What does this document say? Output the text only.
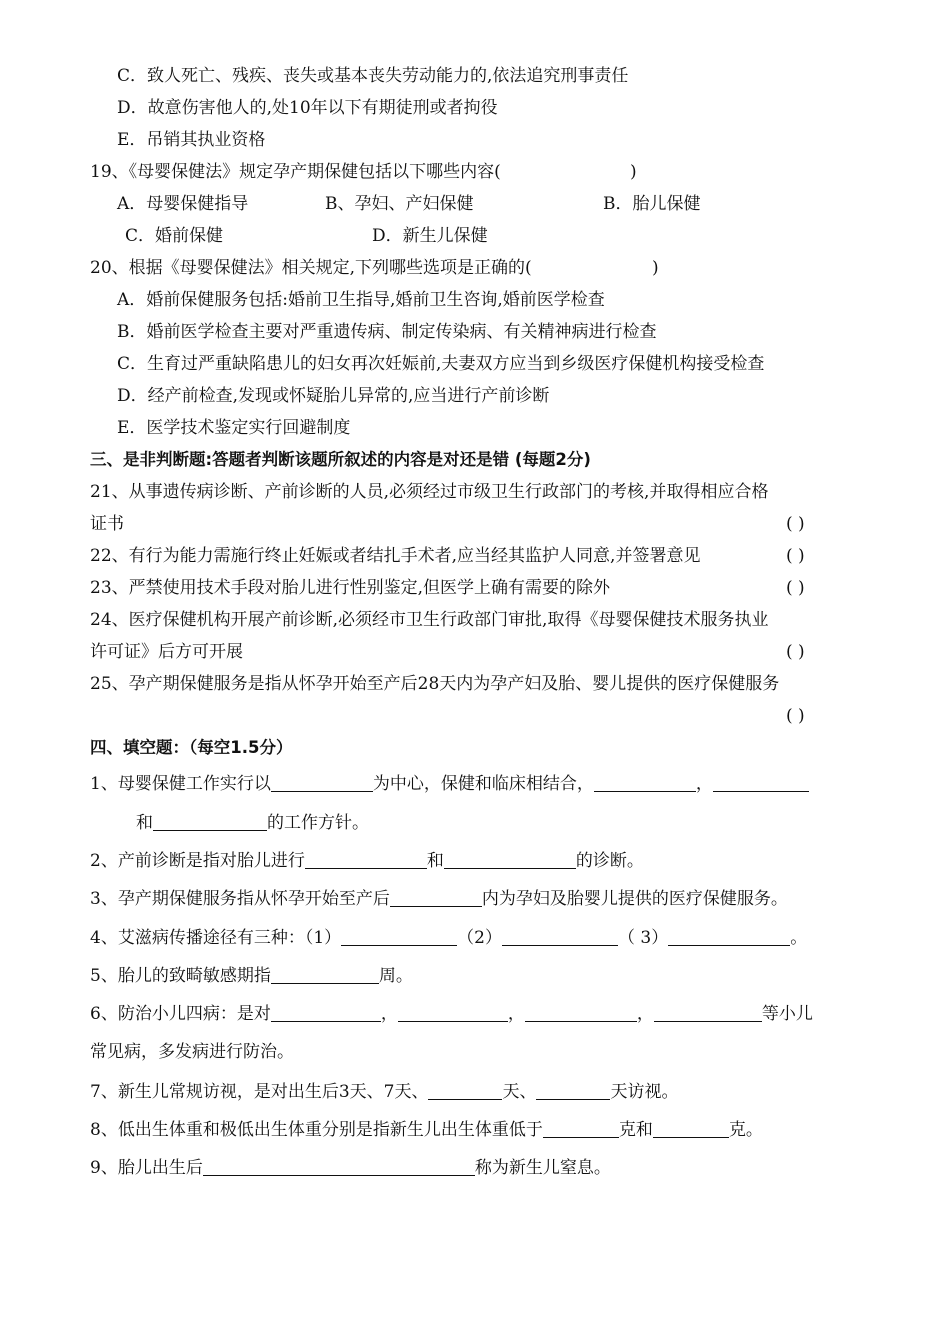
C．致人死亡、残疾、丧失或基本丧失劳动能力的,依法追究刑事责任
D．故意伤害他人的,处10年以下有期徒刑或者拘役
E．吊销其执业资格
19、《母婴保健法》规定孕产期保健包括以下哪些内容(	)
A．母婴保健指导	B、孕妇、产妇保健	B．胎儿保健
C．婚前保健	D．新生儿保健
20、根据《母婴保健法》相关规定,下列哪些选项是正确的(	)
A．婚前保健服务包括:婚前卫生指导,婚前卫生咨询,婚前医学检查
B．婚前医学检查主要对严重遗传病、制定传染病、有关精神病进行检查
C．生育过严重缺陷患儿的妇女再次妊娠前,夫妻双方应当到乡级医疗保健机构接受检查
D．经产前检查,发现或怀疑胎儿异常的,应当进行产前诊断
E．医学技术鉴定实行回避制度
三、是非判断题:答题者判断该题所叙述的内容是对还是错 (每题2分)
21、从事遗传病诊断、产前诊断的人员,必须经过市级卫生行政部门的考核,并取得相应合格
证书	( )
22、有行为能力需施行终止妊娠或者结扎手术者,应当经其监护人同意,并签署意见	( )
23、严禁使用技术手段对胎儿进行性别鉴定,但医学上确有需要的除外	( )
24、医疗保健机构开展产前诊断,必须经市卫生行政部门审批,取得《母婴保健技术服务执业
许可证》后方可开展	( )
25、孕产期保健服务是指从怀孕开始至产后28天内为孕产妇及胎、婴儿提供的医疗保健服务
( )
四、填空题：（每空1.5分）
1、母婴保健工作实行以	为中心，保健和临床相结合，	，
和	的工作方针。
2、产前诊断是指对胎儿进行	和	的诊断。
3、孕产期保健服务指从怀孕开始至产后	内为孕妇及胎婴儿提供的医疗保健服务。
4、艾滋病传播途径有三种：（1）	（2）	（ 3）	。
5、胎儿的致畸敏感期指	周。
6、防治小儿四病：是对	，	，	，	等小儿
常见病，多发病进行防治。
7、新生儿常规访视，是对出生后3天、7天、	天、	天访视。
8、低出生体重和极低出生体重分别是指新生儿出生体重低于	克和	克。
9、胎儿出生后	称为新生儿窒息。
